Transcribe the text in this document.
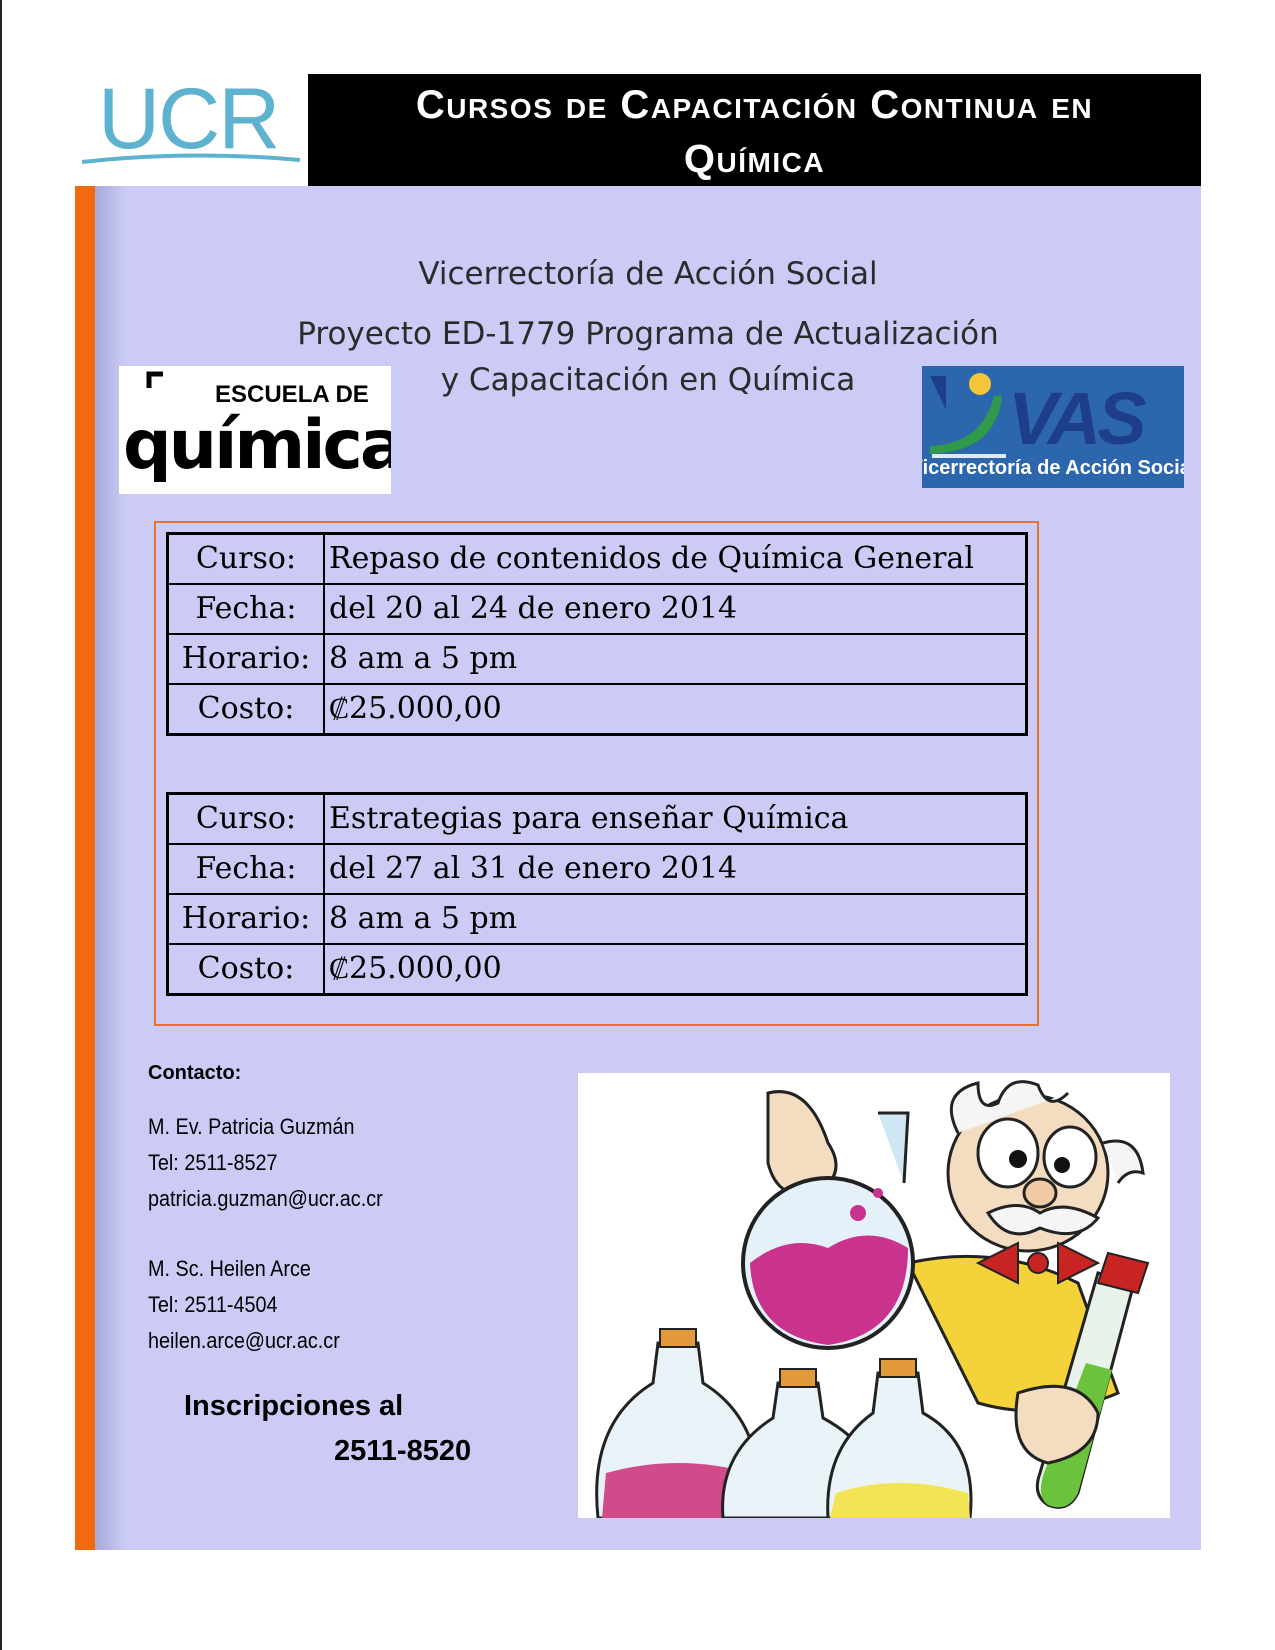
UCR	Cursos de Capacitación Continua en
Química
Vicerrectoría de Acción Social
Proyecto ED-1779 Programa de Actualización
y Capacitación en Química
ESCUELA DE
química	VAS
Vicerrectoría de Acción Social
Curso:	Repaso de contenidos de Química General
Fecha:	del 20 al 24 de enero 2014
Horario:	8 am a 5 pm
Costo:	₡25.000,00
Curso:	Estrategias para enseñar Química
Fecha:	del 27 al 31 de enero 2014
Horario:	8 am a 5 pm
Costo:	₡25.000,00
Contacto:
M. Ev. Patricia Guzmán
Tel: 2511-8527
patricia.guzman@ucr.ac.cr
M. Sc. Heilen Arce
Tel: 2511-4504
heilen.arce@ucr.ac.cr
Inscripciones al
2511-8520
